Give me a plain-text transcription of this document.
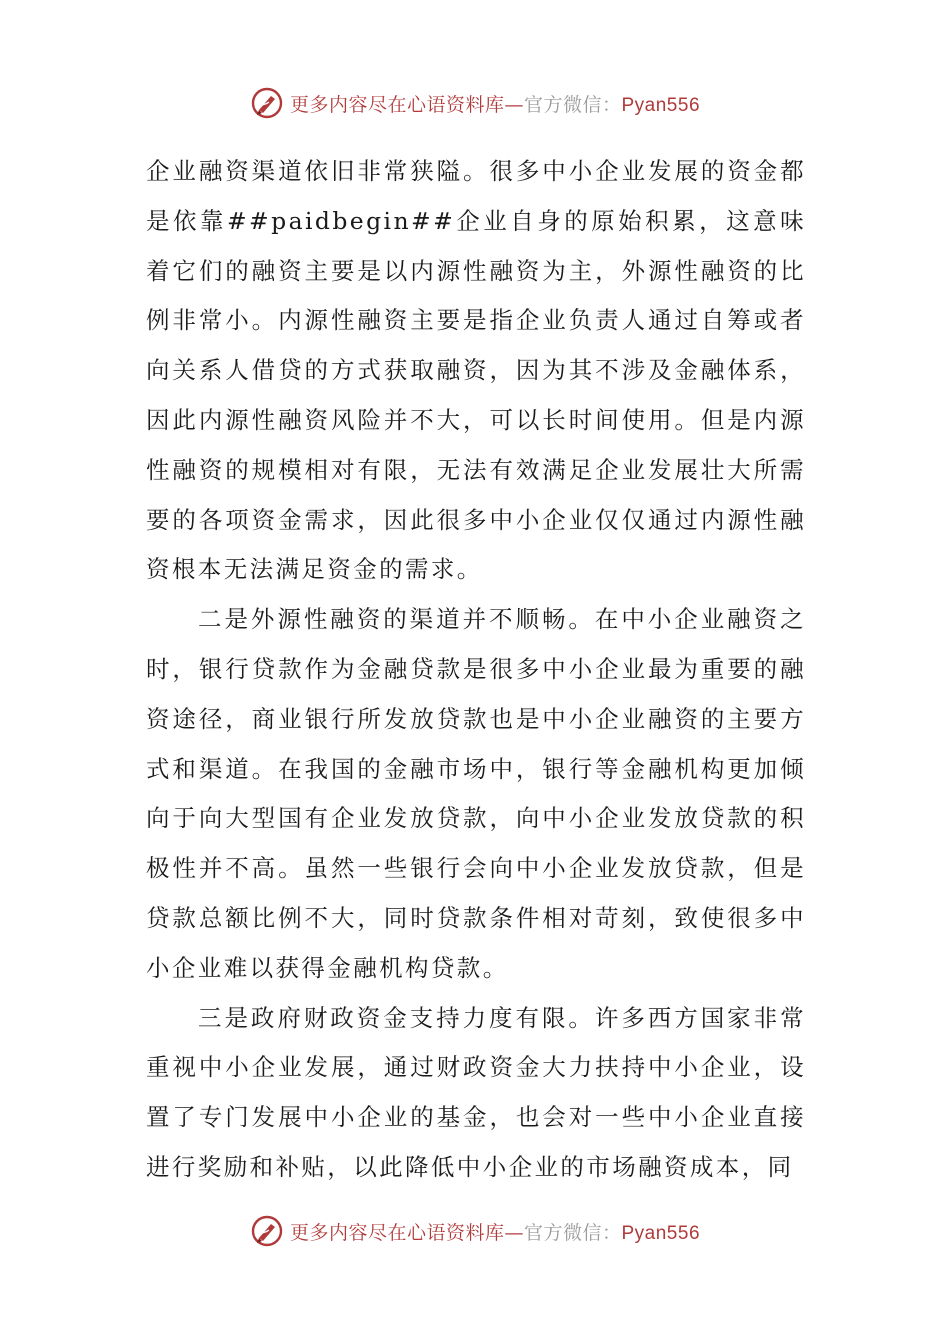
更多内容尽在心语资料库—官方微信：Pyan556

企业融资渠道依旧非常狭隘。很多中小企业发展的资金都是依靠##paidbegin##企业自身的原始积累，这意味着它们的融资主要是以内源性融资为主，外源性融资的比例非常小。内源性融资主要是指企业负责人通过自筹或者向关系人借贷的方式获取融资，因为其不涉及金融体系，因此内源性融资风险并不大，可以长时间使用。但是内源性融资的规模相对有限，无法有效满足企业发展壮大所需要的各项资金需求，因此很多中小企业仅仅通过内源性融资根本无法满足资金的需求。

二是外源性融资的渠道并不顺畅。在中小企业融资之时，银行贷款作为金融贷款是很多中小企业最为重要的融资途径，商业银行所发放贷款也是中小企业融资的主要方式和渠道。在我国的金融市场中，银行等金融机构更加倾向于向大型国有企业发放贷款，向中小企业发放贷款的积极性并不高。虽然一些银行会向中小企业发放贷款，但是贷款总额比例不大，同时贷款条件相对苛刻，致使很多中小企业难以获得金融机构贷款。

三是政府财政资金支持力度有限。许多西方国家非常重视中小企业发展，通过财政资金大力扶持中小企业，设置了专门发展中小企业的基金，也会对一些中小企业直接进行奖励和补贴，以此降低中小企业的市场融资成本，同

更多内容尽在心语资料库—官方微信：Pyan556
